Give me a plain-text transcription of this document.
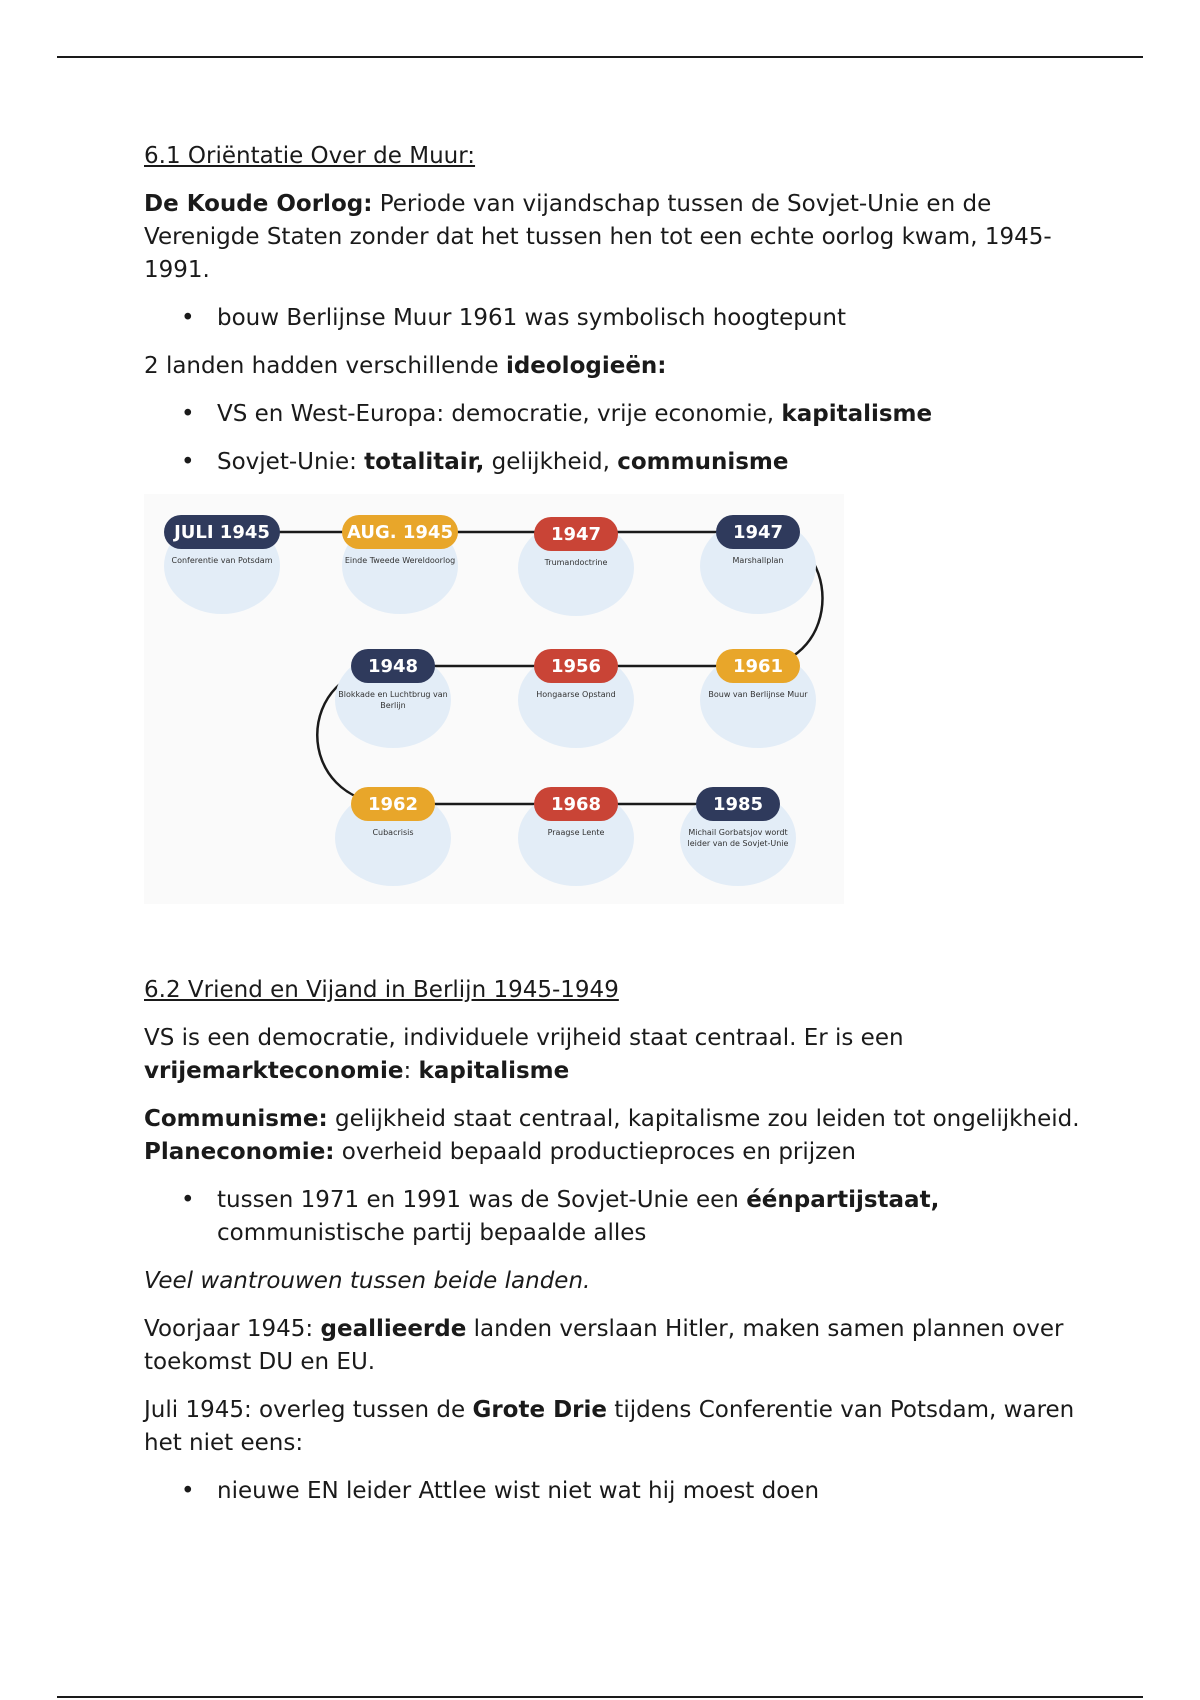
6.1 Oriëntatie Over de Muur:
De Koude Oorlog: Periode van vijandschap tussen de Sovjet-Unie en de Verenigde Staten zonder dat het tussen hen tot een echte oorlog kwam, 1945-1991.
• bouw Berlijnse Muur 1961 was symbolisch hoogtepunt
2 landen hadden verschillende ideologieën:
• VS en West-Europa: democratie, vrije economie, kapitalisme
• Sovjet-Unie: totalitair, gelijkheid, communisme
JULI 1945
Conferentie van Potsdam
AUG. 1945
Einde Tweede Wereldoorlog
1947
Trumandoctrine
1947
Marshallplan
1961
Bouw van Berlijnse Muur
1956
Hongaarse Opstand
1948
Blokkade en Luchtbrug van Berlijn
1962
Cubacrisis
1968
Praagse Lente
1985
Michail Gorbatsjov wordt leider van de Sovjet-Unie
6.2 Vriend en Vijand in Berlijn 1945-1949
VS is een democratie, individuele vrijheid staat centraal. Er is een vrijemarkteconomie: kapitalisme
Communisme: gelijkheid staat centraal, kapitalisme zou leiden tot ongelijkheid. Planeconomie: overheid bepaald productieproces en prijzen
• tussen 1971 en 1991 was de Sovjet-Unie een éénpartijstaat, communistische partij bepaalde alles
Veel wantrouwen tussen beide landen.
Voorjaar 1945: geallieerde landen verslaan Hitler, maken samen plannen over toekomst DU en EU.
Juli 1945: overleg tussen de Grote Drie tijdens Conferentie van Potsdam, waren het niet eens:
• nieuwe EN leider Attlee wist niet wat hij moest doen
